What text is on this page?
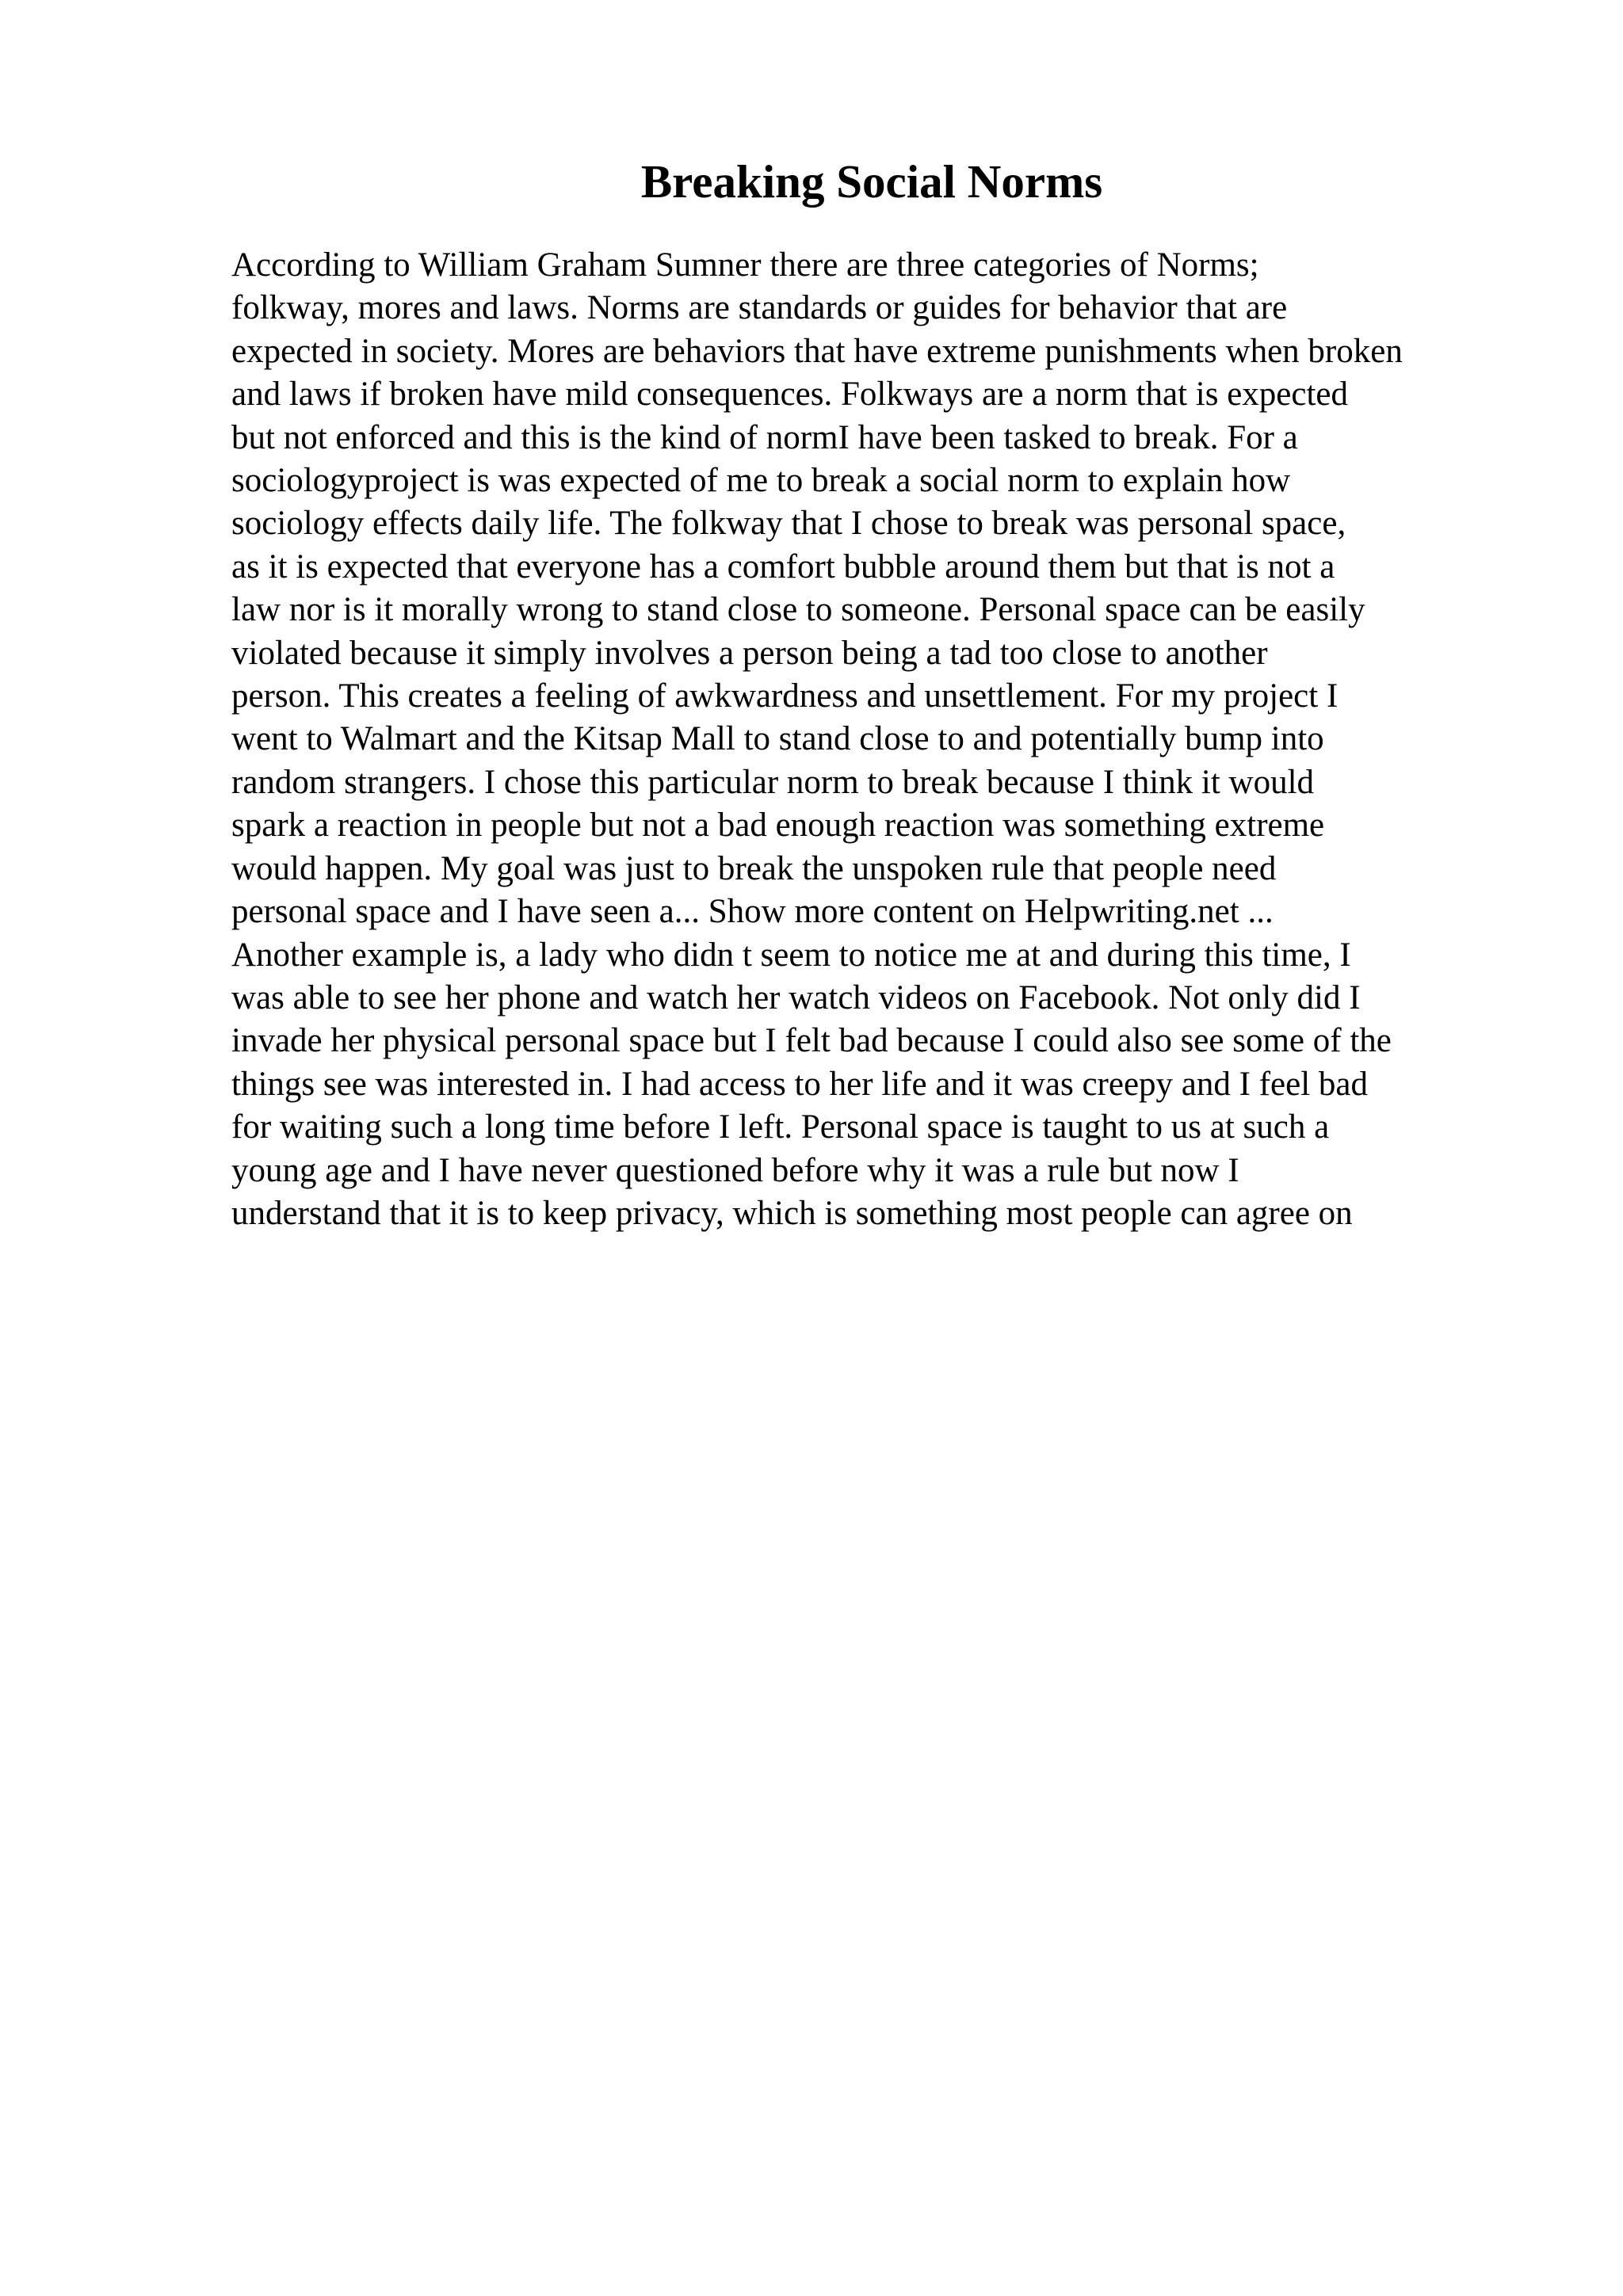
Breaking Social Norms
According to William Graham Sumner there are three categories of Norms;
folkway, mores and laws. Norms are standards or guides for behavior that are
expected in society. Mores are behaviors that have extreme punishments when broken
and laws if broken have mild consequences. Folkways are a norm that is expected
but not enforced and this is the kind of normI have been tasked to break. For a
sociologyproject is was expected of me to break a social norm to explain how
sociology effects daily life. The folkway that I chose to break was personal space,
as it is expected that everyone has a comfort bubble around them but that is not a
law nor is it morally wrong to stand close to someone. Personal space can be easily
violated because it simply involves a person being a tad too close to another
person. This creates a feeling of awkwardness and unsettlement. For my project I
went to Walmart and the Kitsap Mall to stand close to and potentially bump into
random strangers. I chose this particular norm to break because I think it would
spark a reaction in people but not a bad enough reaction was something extreme
would happen. My goal was just to break the unspoken rule that people need
personal space and I have seen a... Show more content on Helpwriting.net ...
Another example is, a lady who didn t seem to notice me at and during this time, I
was able to see her phone and watch her watch videos on Facebook. Not only did I
invade her physical personal space but I felt bad because I could also see some of the
things see was interested in. I had access to her life and it was creepy and I feel bad
for waiting such a long time before I left. Personal space is taught to us at such a
young age and I have never questioned before why it was a rule but now I
understand that it is to keep privacy, which is something most people can agree on
